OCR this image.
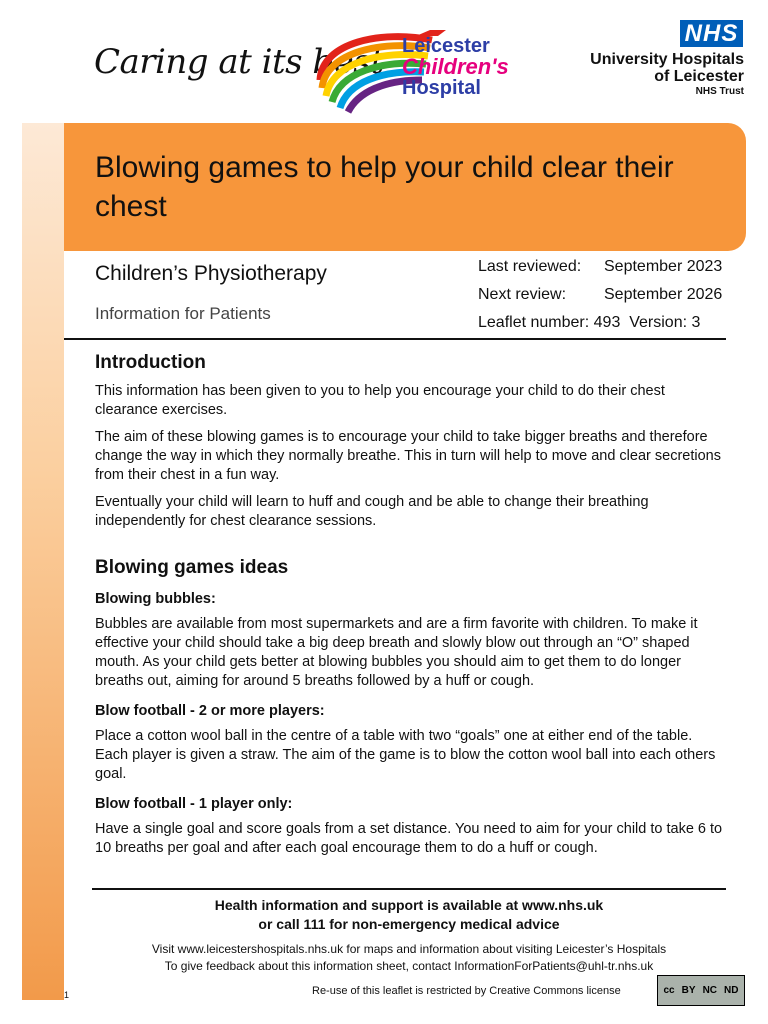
Caring at its best Leicester
Children's
Hospital
NHS
University Hospitals
of Leicester
NHS Trust
Blowing games to help your child clear their chest
Children’s Physiotherapy
Information for Patients
Last reviewed: September 2023
Next review: September 2026
Leaflet number: 493  Version: 3
Introduction
This information has been given to you to help you encourage your child to do their chest clearance exercises.
The aim of these blowing games is to encourage your child to take bigger breaths and therefore change the way in which they normally breathe. This in turn will help to move and clear secretions from their chest in a fun way.
Eventually your child will learn to huff and cough and be able to change their breathing independently for chest clearance sessions.
Blowing games ideas
Blowing bubbles:
Bubbles are available from most supermarkets and are a firm favorite with children. To make it effective your child should take a big deep breath and slowly blow out through an “O” shaped mouth. As your child gets better at blowing bubbles you should aim to get them to do longer breaths out, aiming for around 5 breaths followed by a huff or cough.
Blow football - 2 or more players:
Place a cotton wool ball in the centre of a table with two “goals” one at either end of the table. Each player is given a straw. The aim of the game is to blow the cotton wool ball into each others goal.
Blow football - 1 player only:
Have a single goal and score goals from a set distance. You need to aim for your child to take 6 to 10 breaths per goal and after each goal encourage them to do a huff or cough.
Health information and support is available at www.nhs.uk
or call 111 for non-emergency medical advice
Visit www.leicestershospitals.nhs.uk for maps and information about visiting Leicester’s Hospitals
To give feedback about this information sheet, contact InformationForPatients@uhl-tr.nhs.uk
1	Re-use of this leaflet is restricted by Creative Commons license	cc BY NC ND
